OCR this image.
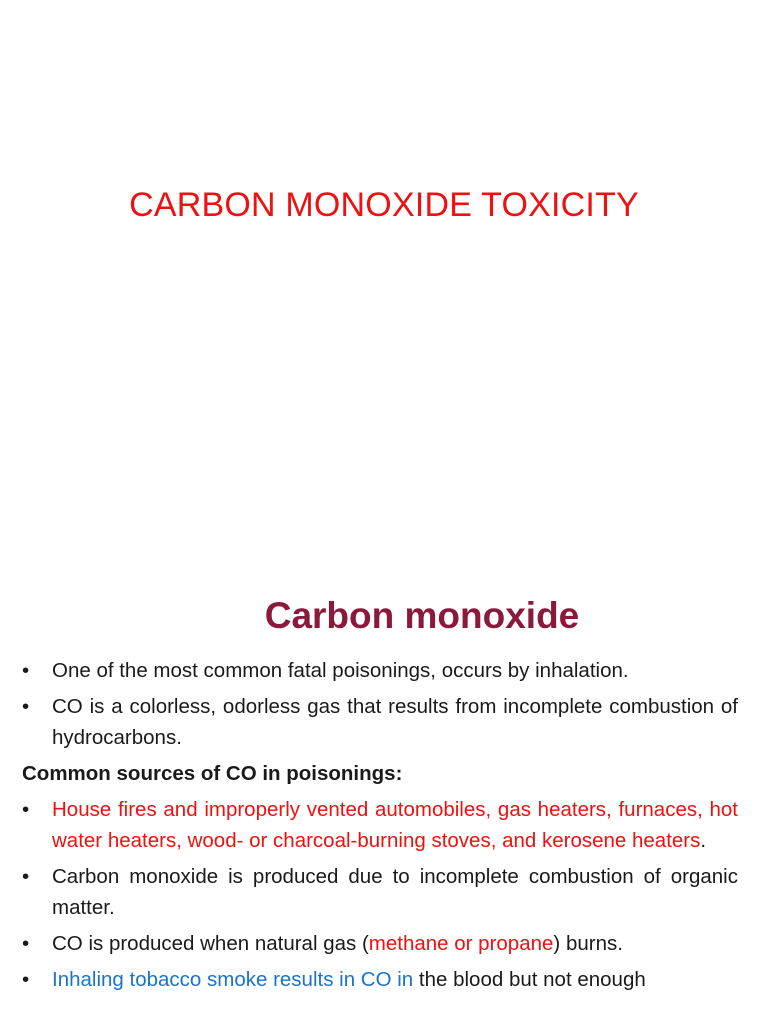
CARBON MONOXIDE TOXICITY
Carbon monoxide
• One of the most common fatal poisonings, occurs by inhalation.
• CO is a colorless, odorless gas that results from incomplete combustion of hydrocarbons.
Common sources of CO in poisonings:
• House fires and improperly vented automobiles, gas heaters, furnaces, hot water heaters, wood- or charcoal-burning stoves, and kerosene heaters.
• Carbon monoxide is produced due to incomplete combustion of organic matter.
• CO is produced when natural gas (methane or propane) burns.
• Inhaling tobacco smoke results in CO in the blood but not enough
